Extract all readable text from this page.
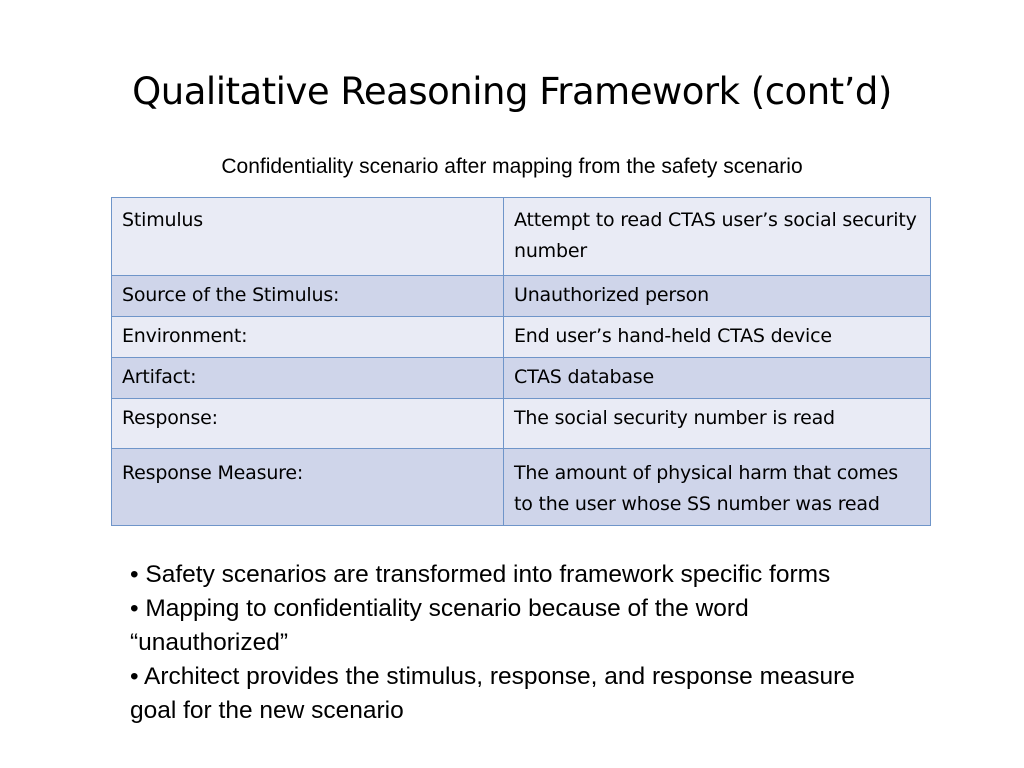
Qualitative Reasoning Framework (cont’d)
Confidentiality scenario after mapping from the safety scenario
Stimulus	Attempt to read CTAS user’s social security number
Source of the Stimulus:	Unauthorized person
Environment:	End user’s hand-held CTAS device
Artifact:	CTAS database
Response:	The social security number is read
Response Measure:	The amount of physical harm that comes to the user whose SS number was read
• Safety scenarios are transformed into framework specific forms
• Mapping to confidentiality scenario because of the word “unauthorized”
• Architect provides the stimulus, response, and response measure goal for the new scenario
